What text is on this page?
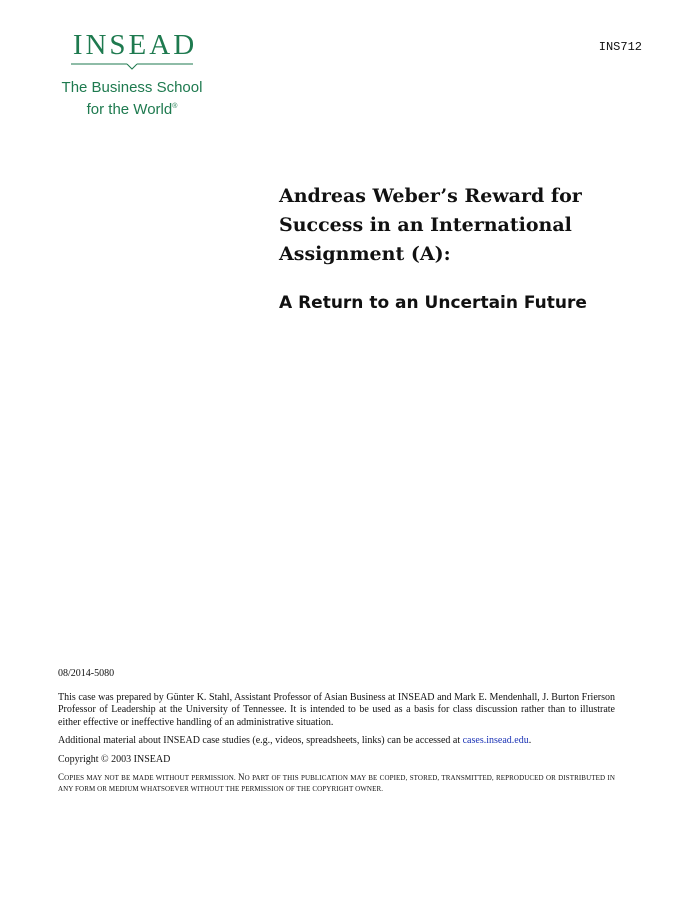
INSEAD
The Business School
for the World®
INS712
Andreas Weber’s Reward for
Success in an International
Assignment (A):
A Return to an Uncertain Future

08/2014-5080

This case was prepared by Günter K. Stahl, Assistant Professor of Asian Business at INSEAD and Mark E. Mendenhall, J. Burton Frierson Professor of Leadership at the University of Tennessee. It is intended to be used as a basis for class discussion rather than to illustrate either effective or ineffective handling of an administrative situation.

Additional material about INSEAD case studies (e.g., videos, spreadsheets, links) can be accessed at cases.insead.edu.

Copyright © 2003 INSEAD

COPIES MAY NOT BE MADE WITHOUT PERMISSION. NO PART OF THIS PUBLICATION MAY BE COPIED, STORED, TRANSMITTED, REPRODUCED OR DISTRIBUTED IN ANY FORM OR MEDIUM WHATSOEVER WITHOUT THE PERMISSION OF THE COPYRIGHT OWNER.
